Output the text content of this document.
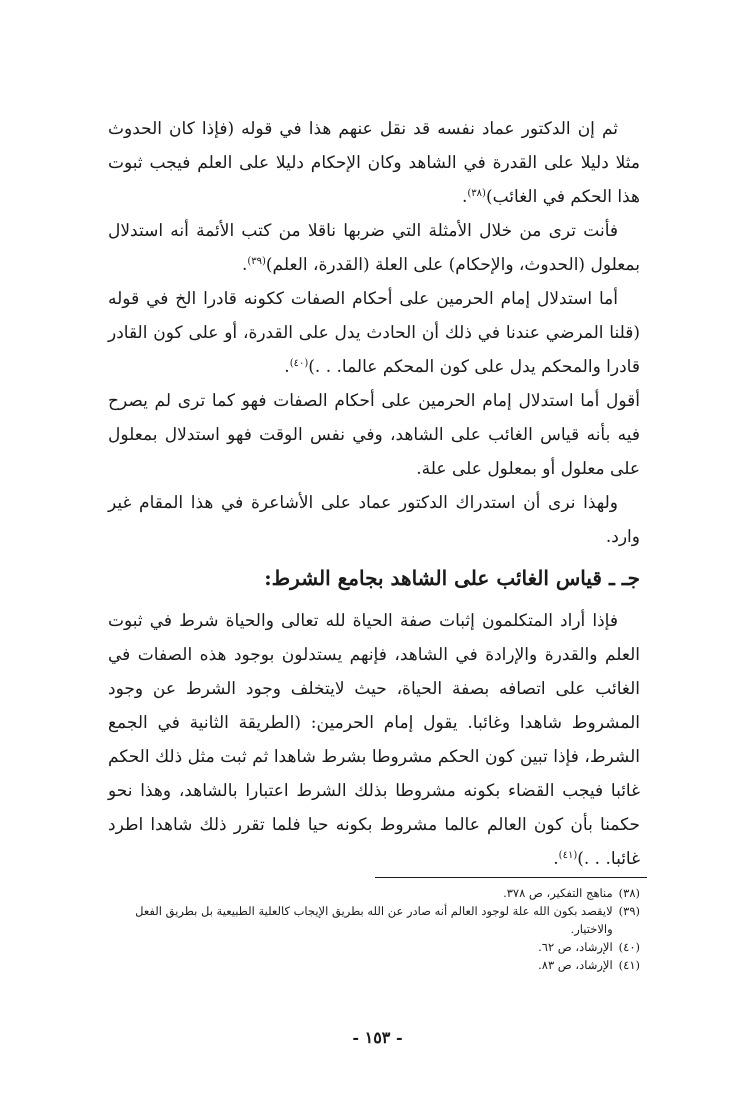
ثم إن الدكتور عماد نفسه قد نقل عنهم هذا في قوله (فإذا كان الحدوث مثلا دليلا على القدرة في الشاهد وكان الإحكام دليلا على العلم فيجب ثبوت هذا الحكم في الغائب)$^{(٣٨)}$.

فأنت ترى من خلال الأمثلة التي ضربها ناقلا من كتب الأئمة أنه استدلال بمعلول (الحدوث، والإحكام) على العلة (القدرة، العلم)$^{(٣٩)}$.

أما استدلال إمام الحرمين على أحكام الصفات ككونه قادرا الخ في قوله (قلنا المرضي عندنا في ذلك أن الحادث يدل على القدرة، أو على كون القادر قادرا والمحكم يدل على كون المحكم عالما. . .)$^{(٤٠)}$.

أقول أما استدلال إمام الحرمين على أحكام الصفات فهو كما ترى لم يصرح فيه بأنه قياس الغائب على الشاهد، وفي نفس الوقت فهو استدلال بمعلول على معلول أو بمعلول على علة.

ولهذا نرى أن استدراك الدكتور عماد على الأشاعرة في هذا المقام غير وارد.

جـ ـ قياس الغائب على الشاهد بجامع الشرط:

فإذا أراد المتكلمون إثبات صفة الحياة لله تعالى والحياة شرط في ثبوت العلم والقدرة والإرادة في الشاهد، فإنهم يستدلون بوجود هذه الصفات في الغائب على اتصافه بصفة الحياة، حيث لايتخلف وجود الشرط عن وجود المشروط شاهدا وغائبا. يقول إمام الحرمين: (الطريقة الثانية في الجمع الشرط، فإذا تبين كون الحكم مشروطا بشرط شاهدا ثم ثبت مثل ذلك الحكم غائبا فيجب القضاء بكونه مشروطا بذلك الشرط اعتبارا بالشاهد، وهذا نحو حكمنا بأن كون العالم عالما مشروط بكونه حيا فلما تقرر ذلك شاهدا اطرد غائبا. . .)$^{(٤١)}$.

(٣٨)
مناهج التفكير، ص ٣٧٨.
(٣٩)
لايقصد بكون الله علة لوجود العالم أنه صادر عن الله بطريق الإيجاب كالعلية الطبيعية بل بطريق الفعل والاختيار.
(٤٠)
الإرشاد، ص ٦٢.
(٤١)
الإرشاد، ص ٨٣.
- ١٥٣ -
